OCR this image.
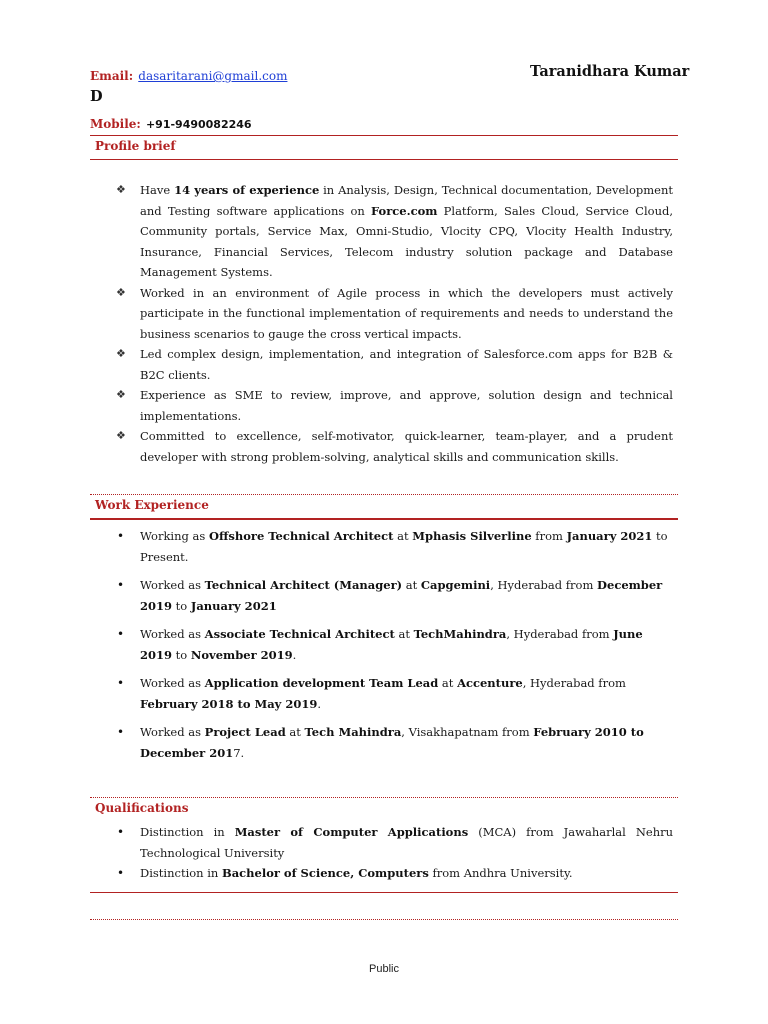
Email: dasaritarani@gmail.com	Taranidhara Kumar
D
Mobile: +91-9490082246
Profile brief
❖ Have 14 years of experience in Analysis, Design, Technical documentation, Development and Testing software applications on Force.com Platform, Sales Cloud, Service Cloud, Community portals, Service Max, Omni-Studio, Vlocity CPQ, Vlocity Health Industry, Insurance, Financial Services, Telecom industry solution package and Database Management Systems.
❖ Worked in an environment of Agile process in which the developers must actively participate in the functional implementation of requirements and needs to understand the business scenarios to gauge the cross vertical impacts.
❖ Led complex design, implementation, and integration of Salesforce.com apps for B2B & B2C clients.
❖ Experience as SME to review, improve, and approve, solution design and technical implementations.
❖ Committed to excellence, self-motivator, quick-learner, team-player, and a prudent developer with strong problem-solving, analytical skills and communication skills.
Work Experience
• Working as Offshore Technical Architect at Mphasis Silverline from January 2021 to Present.
• Worked as Technical Architect (Manager) at Capgemini, Hyderabad from December 2019 to January 2021
• Worked as Associate Technical Architect at TechMahindra, Hyderabad from June 2019 to November 2019.
• Worked as Application development Team Lead at Accenture, Hyderabad from February 2018 to May 2019.
• Worked as Project Lead at Tech Mahindra, Visakhapatnam from February 2010 to December 2017.
Qualifications
• Distinction in Master of Computer Applications (MCA) from Jawaharlal Nehru Technological University
• Distinction in Bachelor of Science, Computers from Andhra University.
Public
